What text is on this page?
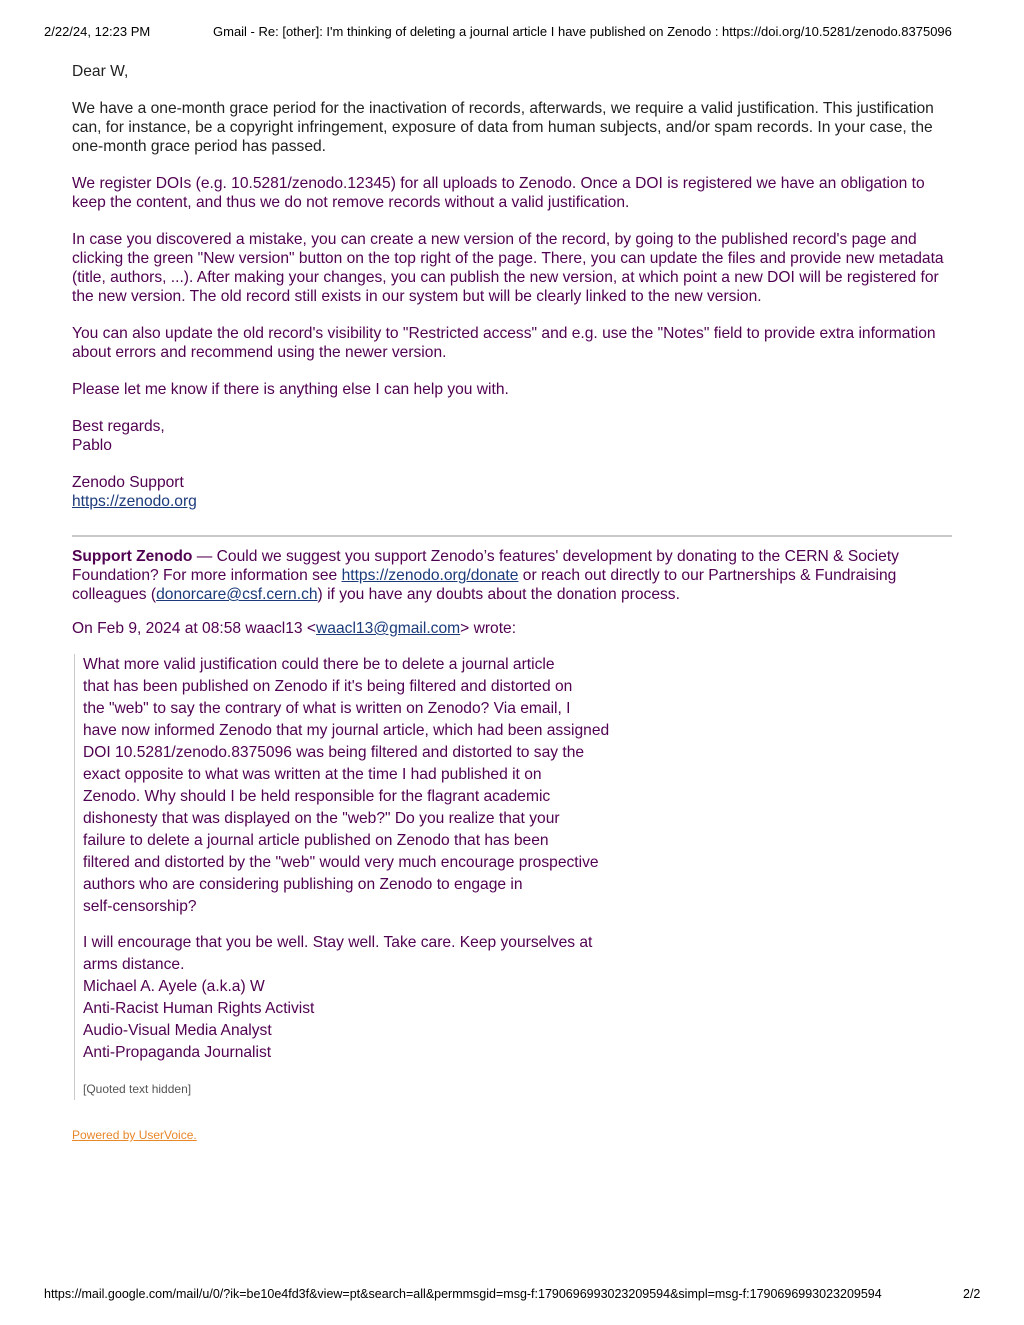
2/22/24, 12:23 PM	Gmail - Re: [other]: I'm thinking of deleting a journal article I have published on Zenodo : https://doi.org/10.5281/zenodo.8375096

Dear W,

We have a one-month grace period for the inactivation of records, afterwards, we require a valid justification. This justification can, for instance, be a copyright infringement, exposure of data from human subjects, and/or spam records. In your case, the one-month grace period has passed.

We register DOIs (e.g. 10.5281/zenodo.12345) for all uploads to Zenodo. Once a DOI is registered we have an obligation to keep the content, and thus we do not remove records without a valid justification.

In case you discovered a mistake, you can create a new version of the record, by going to the published record's page and clicking the green "New version" button on the top right of the page. There, you can update the files and provide new metadata (title, authors, ...). After making your changes, you can publish the new version, at which point a new DOI will be registered for the new version. The old record still exists in our system but will be clearly linked to the new version.

You can also update the old record's visibility to "Restricted access" and e.g. use the "Notes" field to provide extra information about errors and recommend using the newer version.

Please let me know if there is anything else I can help you with.

Best regards,
Pablo

Zenodo Support
https://zenodo.org

Support Zenodo — Could we suggest you support Zenodo’s features' development by donating to the CERN & Society Foundation? For more information see https://zenodo.org/donate or reach out directly to our Partnerships & Fundraising colleagues (donorcare@csf.cern.ch) if you have any doubts about the donation process.

On Feb 9, 2024 at 08:58 waacl13 <waacl13@gmail.com> wrote:

What more valid justification could there be to delete a journal article
that has been published on Zenodo if it's being filtered and distorted on
the "web" to say the contrary of what is written on Zenodo? Via email, I
have now informed Zenodo that my journal article, which had been assigned
DOI 10.5281/zenodo.8375096 was being filtered and distorted to say the
exact opposite to what was written at the time I had published it on
Zenodo. Why should I be held responsible for the flagrant academic
dishonesty that was displayed on the "web?" Do you realize that your
failure to delete a journal article published on Zenodo that has been
filtered and distorted by the "web" would very much encourage prospective
authors who are considering publishing on Zenodo to engage in
self-censorship?

I will encourage that you be well. Stay well. Take care. Keep yourselves at
arms distance.
Michael A. Ayele (a.k.a) W
Anti-Racist Human Rights Activist
Audio-Visual Media Analyst
Anti-Propaganda Journalist

[Quoted text hidden]
Powered by UserVoice.
https://mail.google.com/mail/u/0/?ik=be10e4fd3f&view=pt&search=all&permmsgid=msg-f:1790696993023209594&simpl=msg-f:1790696993023209594	2/2
